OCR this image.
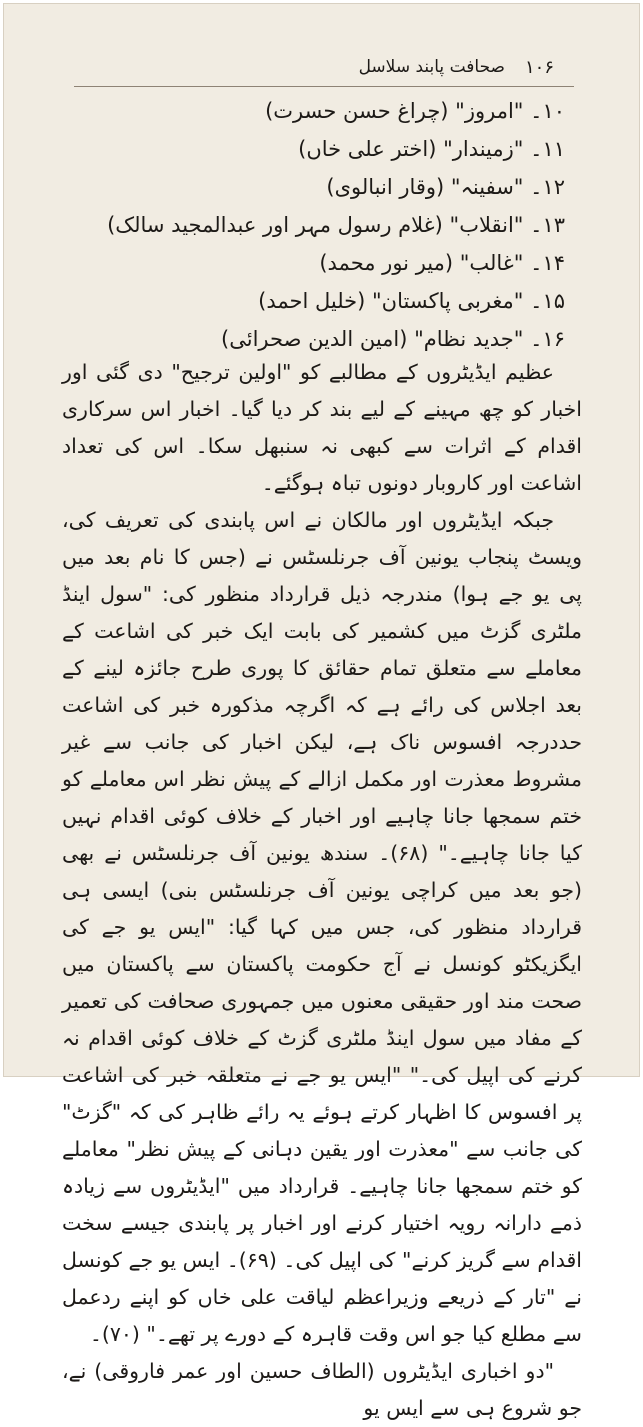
۱۰۶
صحافت پابند سلاسل
۱۰۔ "امروز" (چراغ حسن حسرت)
۱۱۔ "زمیندار" (اختر علی خاں)
۱۲۔ "سفینہ" (وقار انبالوی)
۱۳۔ "انقلاب" (غلام رسول مہر اور عبدالمجید سالک)
۱۴۔ "غالب" (میر نور محمد)
۱۵۔ "مغربی پاکستان" (خلیل احمد)
۱۶۔ "جدید نظام" (امین الدین صحرائی)

عظیم ایڈیٹروں کے مطالبے کو "اولین ترجیح" دی گئی اور اخبار کو چھ مہینے کے لیے بند کر دیا گیا۔ اخبار اس سرکاری اقدام کے اثرات سے کبھی نہ سنبھل سکا۔ اس کی تعداد اشاعت اور کاروبار دونوں تباہ ہوگئے۔

جبکہ ایڈیٹروں اور مالکان نے اس پابندی کی تعریف کی، ویسٹ پنجاب یونین آف جرنلسٹس نے (جس کا نام بعد میں پی یو جے ہوا) مندرجہ ذیل قرارداد منظور کی: "سول اینڈ ملٹری گزٹ میں کشمیر کی بابت ایک خبر کی اشاعت کے معاملے سے متعلق تمام حقائق کا پوری طرح جائزہ لینے کے بعد اجلاس کی رائے ہے کہ اگرچہ مذکورہ خبر کی اشاعت حددرجہ افسوس ناک ہے، لیکن اخبار کی جانب سے غیر مشروط معذرت اور مکمل ازالے کے پیش نظر اس معاملے کو ختم سمجھا جانا چاہیے اور اخبار کے خلاف کوئی اقدام نہیں کیا جانا چاہیے۔" (۶۸)۔ سندھ یونین آف جرنلسٹس نے بھی (جو بعد میں کراچی یونین آف جرنلسٹس بنی) ایسی ہی قرارداد منظور کی، جس میں کہا گیا: "ایس یو جے کی ایگزیکٹو کونسل نے آج حکومت پاکستان سے پاکستان میں صحت مند اور حقیقی معنوں میں جمہوری صحافت کی تعمیر کے مفاد میں سول اینڈ ملٹری گزٹ کے خلاف کوئی اقدام نہ کرنے کی اپیل کی۔" "ایس یو جے نے متعلقہ خبر کی اشاعت پر افسوس کا اظہار کرتے ہوئے یہ رائے ظاہر کی کہ "گزٹ" کی جانب سے "معذرت اور یقین دہانی کے پیش نظر" معاملے کو ختم سمجھا جانا چاہیے۔ قرارداد میں "ایڈیٹروں سے زیادہ ذمے دارانہ رویہ اختیار کرنے اور اخبار پر پابندی جیسے سخت اقدام سے گریز کرنے" کی اپیل کی۔ (۶۹)۔ ایس یو جے کونسل نے "تار کے ذریعے وزیراعظم لیاقت علی خاں کو اپنے ردعمل سے مطلع کیا جو اس وقت قاہرہ کے دورے پر تھے۔" (۷۰)۔

"دو اخباری ایڈیٹروں (الطاف حسین اور عمر فاروقی) نے، جو شروع ہی سے ایس یو
